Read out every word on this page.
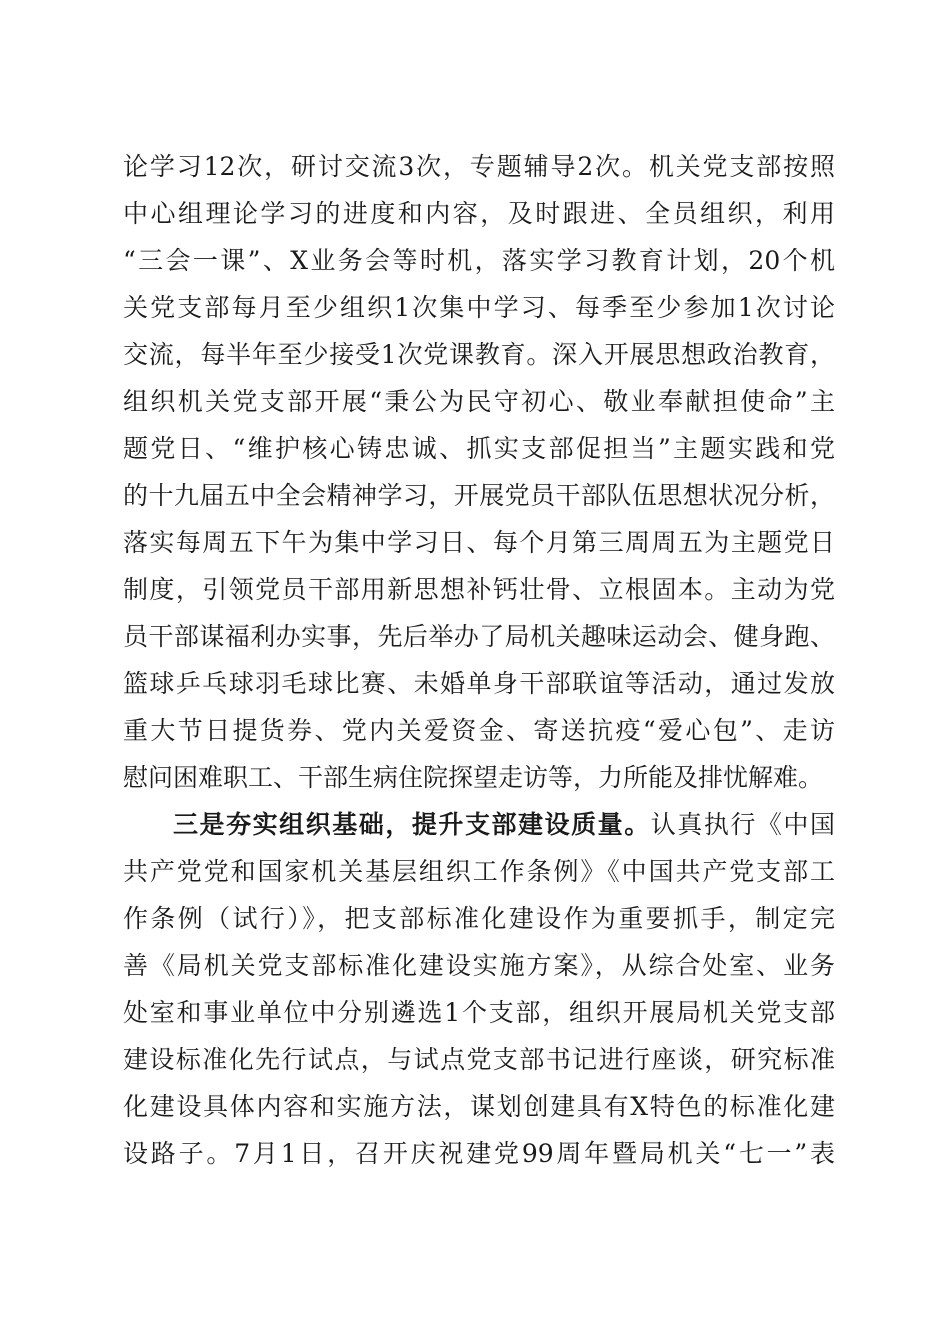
论学习12次，研讨交流3次，专题辅导2次。机关党支部按照
中心组理论学习的进度和内容，及时跟进、全员组织，利用
“三会一课”、X业务会等时机，落实学习教育计划，20个机
关党支部每月至少组织1次集中学习、每季至少参加1次讨论
交流，每半年至少接受1次党课教育。深入开展思想政治教育，
组织机关党支部开展“秉公为民守初心、敬业奉献担使命”主
题党日、“维护核心铸忠诚、抓实支部促担当”主题实践和党
的十九届五中全会精神学习，开展党员干部队伍思想状况分析，
落实每周五下午为集中学习日、每个月第三周周五为主题党日
制度，引领党员干部用新思想补钙壮骨、立根固本。主动为党
员干部谋福利办实事，先后举办了局机关趣味运动会、健身跑、
篮球乒乓球羽毛球比赛、未婚单身干部联谊等活动，通过发放
重大节日提货券、党内关爱资金、寄送抗疫“爱心包”、走访
慰问困难职工、干部生病住院探望走访等，力所能及排忧解难。
三是夯实组织基础，提升支部建设质量。认真执行《中国
共产党党和国家机关基层组织工作条例》《中国共产党支部工
作条例（试行）》，把支部标准化建设作为重要抓手，制定完
善《局机关党支部标准化建设实施方案》，从综合处室、业务
处室和事业单位中分别遴选1个支部，组织开展局机关党支部
建设标准化先行试点，与试点党支部书记进行座谈，研究标准
化建设具体内容和实施方法，谋划创建具有X特色的标准化建
设路子。7月1日，召开庆祝建党99周年暨局机关“七一”表
